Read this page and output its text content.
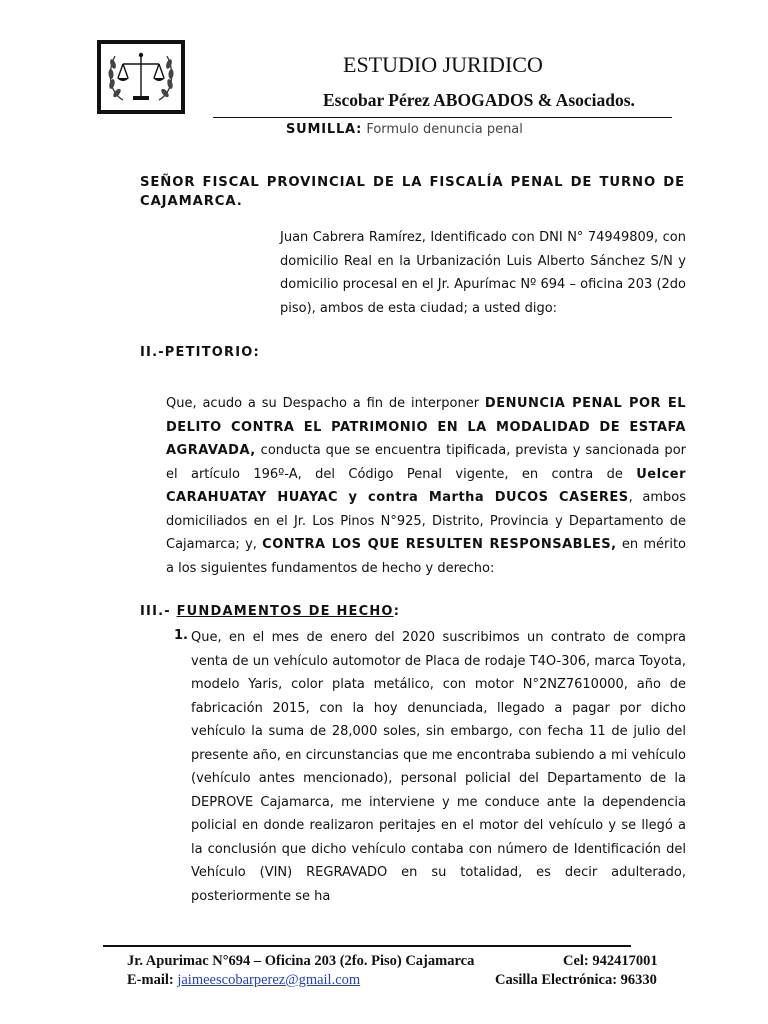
ESTUDIO JURIDICO
Escobar Pérez ABOGADOS & Asociados.
SUMILLA: Formulo denuncia penal
SEÑOR FISCAL PROVINCIAL DE LA FISCALÍA PENAL DE TURNO DE CAJAMARCA.
Juan Cabrera Ramírez, Identificado con DNI N° 74949809, con domicilio Real en la Urbanización Luis Alberto Sánchez S/N y domicilio procesal en el Jr. Apurímac Nº 694 – oficina 203 (2do piso), ambos de esta ciudad; a usted digo:
II.-PETITORIO:
Que, acudo a su Despacho a fin de interponer DENUNCIA PENAL POR EL DELITO CONTRA EL PATRIMONIO EN LA MODALIDAD DE ESTAFA AGRAVADA, conducta que se encuentra tipificada, prevista y sancionada por el artículo 196º-A, del Código Penal vigente, en contra de Uelcer CARAHUATAY HUAYAC y contra Martha DUCOS CASERES, ambos domiciliados en el Jr. Los Pinos N°925, Distrito, Provincia y Departamento de Cajamarca; y, CONTRA LOS QUE RESULTEN RESPONSABLES, en mérito a los siguientes fundamentos de hecho y derecho:
III.- FUNDAMENTOS DE HECHO:
1. Que, en el mes de enero del 2020 suscribimos un contrato de compra venta de un vehículo automotor de Placa de rodaje T4O-306, marca Toyota, modelo Yaris, color plata metálico, con motor N°2NZ7610000, año de fabricación 2015, con la hoy denunciada, llegado a pagar por dicho vehículo la suma de 28,000 soles, sin embargo, con fecha 11 de julio del presente año, en circunstancias que me encontraba subiendo a mi vehículo (vehículo antes mencionado), personal policial del Departamento de la DEPROVE Cajamarca, me interviene y me conduce ante la dependencia policial en donde realizaron peritajes en el motor del vehículo y se llegó a la conclusión que dicho vehículo contaba con número de Identificación del Vehículo (VIN) REGRAVADO en su totalidad, es decir adulterado, posteriormente se ha
Jr. Apurimac N°694 – Oficina 203 (2fo. Piso) Cajamarca	Cel: 942417001
E-mail: jaimeescobarperez@gmail.com	Casilla Electrónica: 96330
